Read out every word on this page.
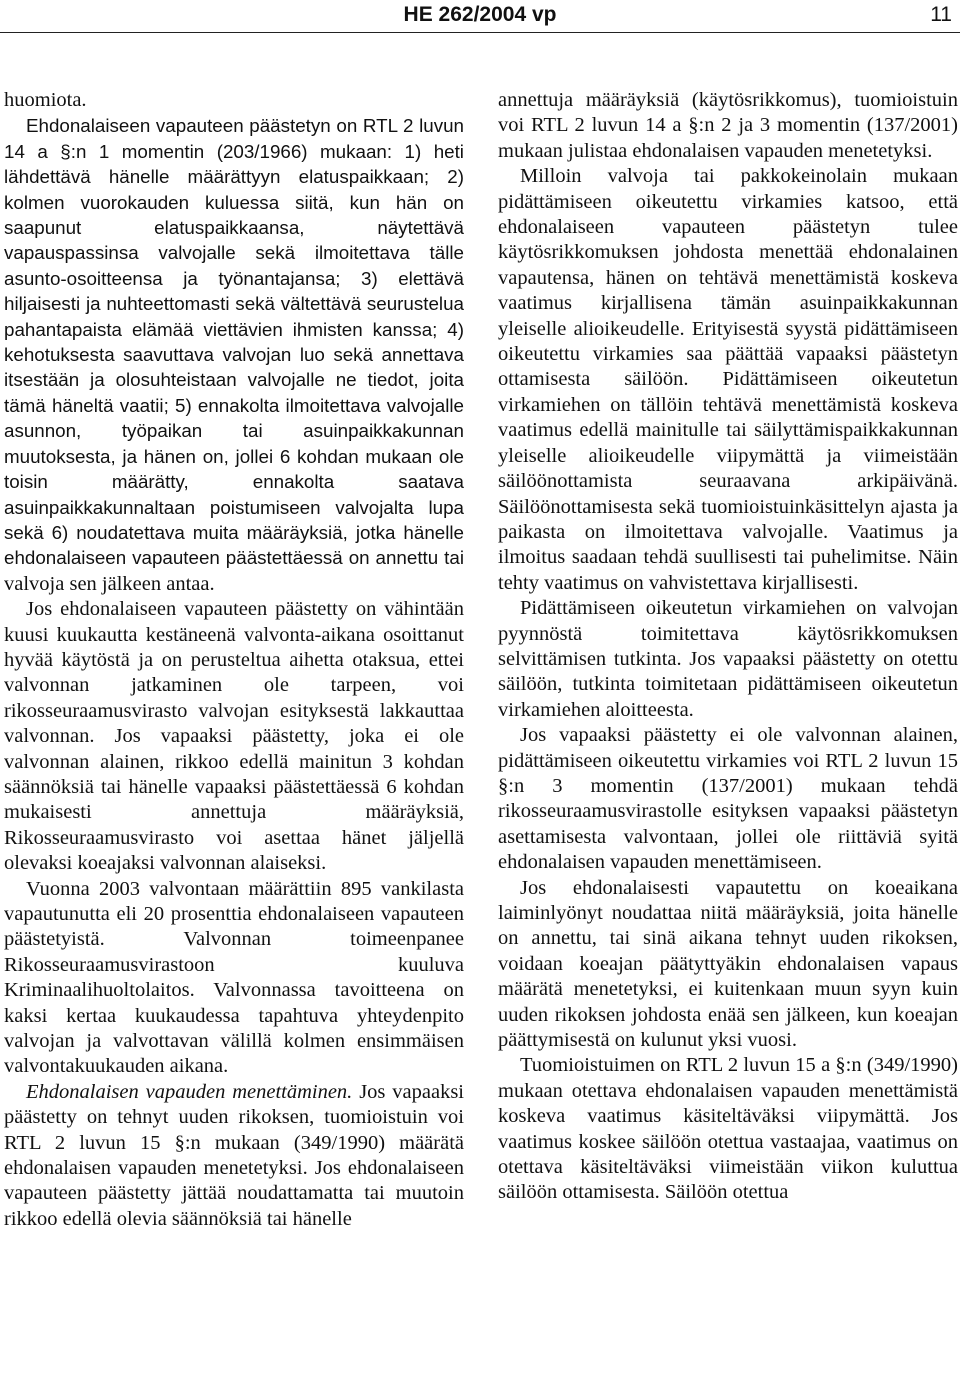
HE 262/2004 vp	11

huomiota.

Ehdonalaiseen vapauteen päästetyn on RTL 2 luvun 14 a §:n 1 momentin (203/1966) mukaan: 1) heti lähdettävä hänelle määrättyyn elatuspaikkaan; 2) kolmen vuorokauden kuluessa siitä, kun hän on saapunut elatuspaikkaansa, näytettävä vapauspassinsa valvojalle sekä ilmoitettava tälle asunto-osoitteensa ja työnantajansa; 3) elettävä hiljaisesti ja nuhteettomasti sekä vältettävä seurustelua pahantapaista elämää viettävien ihmisten kanssa; 4) kehotuksesta saavuttava valvojan luo sekä annettava itsestään ja olosuhteistaan valvojalle ne tiedot, joita tämä häneltä vaatii; 5) ennakolta ilmoitettava valvojalle asunnon, työpaikan tai asuinpaikkakunnan muutoksesta, ja hänen on, jollei 6 kohdan mukaan ole toisin määrätty, ennakolta saatava asuinpaikkakunnaltaan poistumiseen valvojalta lupa sekä 6) noudatettava muita määräyksiä, jotka hänelle ehdonalaiseen vapauteen päästettäessä on annettu tai valvoja sen jälkeen antaa.

Jos ehdonalaiseen vapauteen päästetty on vähintään kuusi kuukautta kestäneenä valvonta-aikana osoittanut hyvää käytöstä ja on perusteltua aihetta otaksua, ettei valvonnan jatkaminen ole tarpeen, voi rikosseuraamusvirasto valvojan esityksestä lakkauttaa valvonnan. Jos vapaaksi päästetty, joka ei ole valvonnan alainen, rikkoo edellä mainitun 3 kohdan säännöksiä tai hänelle vapaaksi päästettäessä 6 kohdan mukaisesti annettuja määräyksiä, Rikosseuraamusvirasto voi asettaa hänet jäljellä olevaksi koeajaksi valvonnan alaiseksi.

Vuonna 2003 valvontaan määrättiin 895 vankilasta vapautunutta eli 20 prosenttia ehdonalaiseen vapauteen päästetyistä. Valvonnan toimeenpanee Rikosseuraamusvirastoon kuuluva Kriminaalihuoltolaitos. Valvonnassa tavoitteena on kaksi kertaa kuukaudessa tapahtuva yhteydenpito valvojan ja valvottavan välillä kolmen ensimmäisen valvontakuukauden aikana.

Ehdonalaisen vapauden menettäminen. Jos vapaaksi päästetty on tehnyt uuden rikoksen, tuomioistuin voi RTL 2 luvun 15 §:n mukaan (349/1990) määrätä ehdonalaisen vapauden menetetyksi. Jos ehdonalaiseen vapauteen päästetty jättää noudattamatta tai muutoin rikkoo edellä olevia säännöksiä tai hänelle

annettuja määräyksiä (käytösrikkomus), tuomioistuin voi RTL 2 luvun 14 a §:n 2 ja 3 momentin (137/2001) mukaan julistaa ehdonalaisen vapauden menetetyksi.

Milloin valvoja tai pakkokeinolain mukaan pidättämiseen oikeutettu virkamies katsoo, että ehdonalaiseen vapauteen päästetyn tulee käytösrikkomuksen johdosta menettää ehdonalainen vapautensa, hänen on tehtävä menettämistä koskeva vaatimus kirjallisena tämän asuinpaikkakunnan yleiselle alioikeudelle. Erityisestä syystä pidättämiseen oikeutettu virkamies saa päättää vapaaksi päästetyn ottamisesta säilöön. Pidättämiseen oikeutetun virkamiehen on tällöin tehtävä menettämistä koskeva vaatimus edellä mainitulle tai säilyttämispaikkakunnan yleiselle alioikeudelle viipymättä ja viimeistään säilöönottamista seuraavana arkipäivänä. Säilöönottamisesta sekä tuomioistuinkäsittelyn ajasta ja paikasta on ilmoitettava valvojalle. Vaatimus ja ilmoitus saadaan tehdä suullisesti tai puhelimitse. Näin tehty vaatimus on vahvistettava kirjallisesti.

Pidättämiseen oikeutetun virkamiehen on valvojan pyynnöstä toimitettava käytösrikkomuksen selvittämisen tutkinta. Jos vapaaksi päästetty on otettu säilöön, tutkinta toimitetaan pidättämiseen oikeutetun virkamiehen aloitteesta.

Jos vapaaksi päästetty ei ole valvonnan alainen, pidättämiseen oikeutettu virkamies voi RTL 2 luvun 15 §:n 3 momentin (137/2001) mukaan tehdä rikosseuraamusvirastolle esityksen vapaaksi päästetyn asettamisesta valvontaan, jollei ole riittäviä syitä ehdonalaisen vapauden menettämiseen.

Jos ehdonalaisesti vapautettu on koeaikana laiminlyönyt noudattaa niitä määräyksiä, joita hänelle on annettu, tai sinä aikana tehnyt uuden rikoksen, voidaan koeajan päätyttyäkin ehdonalaisen vapaus määrätä menetetyksi, ei kuitenkaan muun syyn kuin uuden rikoksen johdosta enää sen jälkeen, kun koeajan päättymisestä on kulunut yksi vuosi.

Tuomioistuimen on RTL 2 luvun 15 a §:n (349/1990) mukaan otettava ehdonalaisen vapauden menettämistä koskeva vaatimus käsiteltäväksi viipymättä. Jos vaatimus koskee säilöön otettua vastaajaa, vaatimus on otettava käsiteltäväksi viimeistään viikon kuluttua säilöön ottamisesta. Säilöön otettua
